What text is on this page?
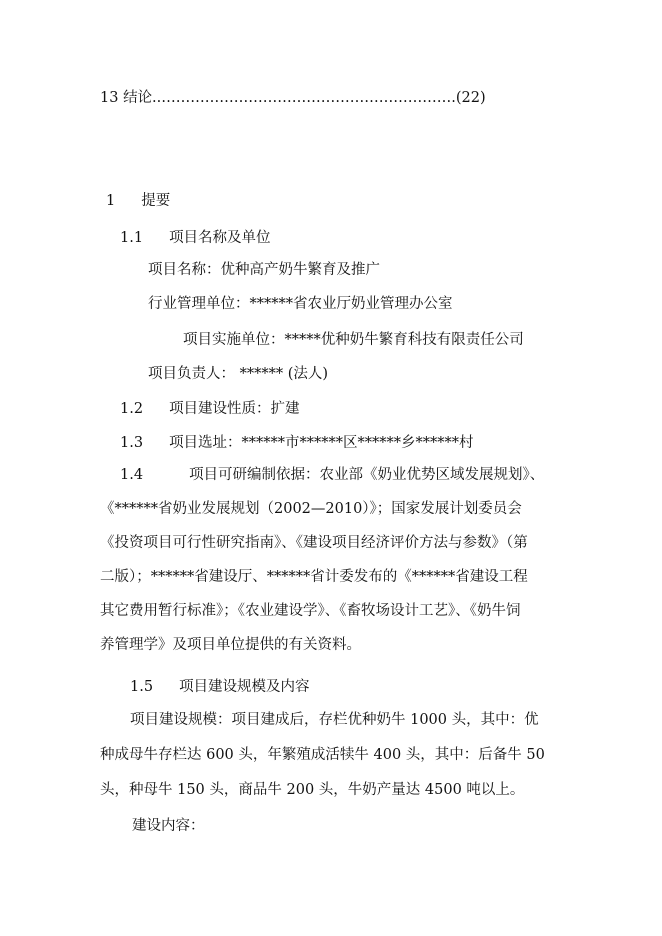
13 结论..…………………………………………………….(22)
1 提要
1.1 项目名称及单位
项目名称：优种高产奶牛繁育及推广
行业管理单位：******省农业厅奶业管理办公室
项目实施单位：*****优种奶牛繁育科技有限责任公司
项目负责人： ****** (法人)
1.2 项目建设性质：扩建
1.3 项目选址：******市******区******乡******村
1.4	项目可研编制依据：农业部《奶业优势区域发展规划》、
《******省奶业发展规划（2002—2010）》；国家发展计划委员会
《投资项目可行性研究指南》、《建设项目经济评价方法与参数》（第
二版）；******省建设厅、******省计委发布的《******省建设工程
其它费用暂行标准》；《农业建设学》、《畜牧场设计工艺》、《奶牛饲
养管理学》及项目单位提供的有关资料。
1.5 项目建设规模及内容
项目建设规模：项目建成后，存栏优种奶牛 1000 头，其中：优
种成母牛存栏达 600 头，年繁殖成活犊牛 400 头，其中：后备牛 50
头，种母牛 150 头，商品牛 200 头，牛奶产量达 4500 吨以上。
建设内容：
